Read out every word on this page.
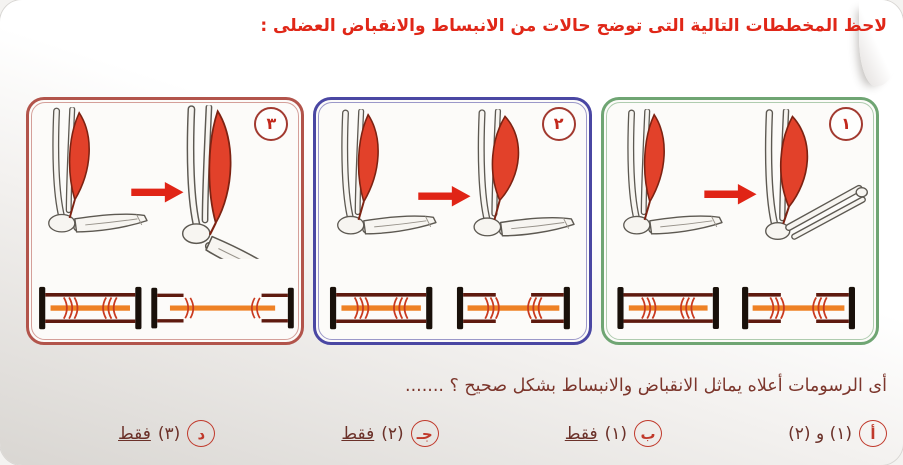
لاحظ المخططات التالية التى توضح حالات من الانبساط والانقباض العضلى :
٣	٢	١
أى الرسومات أعلاه يماثل الانقباض والانبساط بشكل صحيح ؟ .......
أ
(١) و (٢)
ب
(١)
فقط
جـ
(٢)
فقط
د
(٣)
فقط
